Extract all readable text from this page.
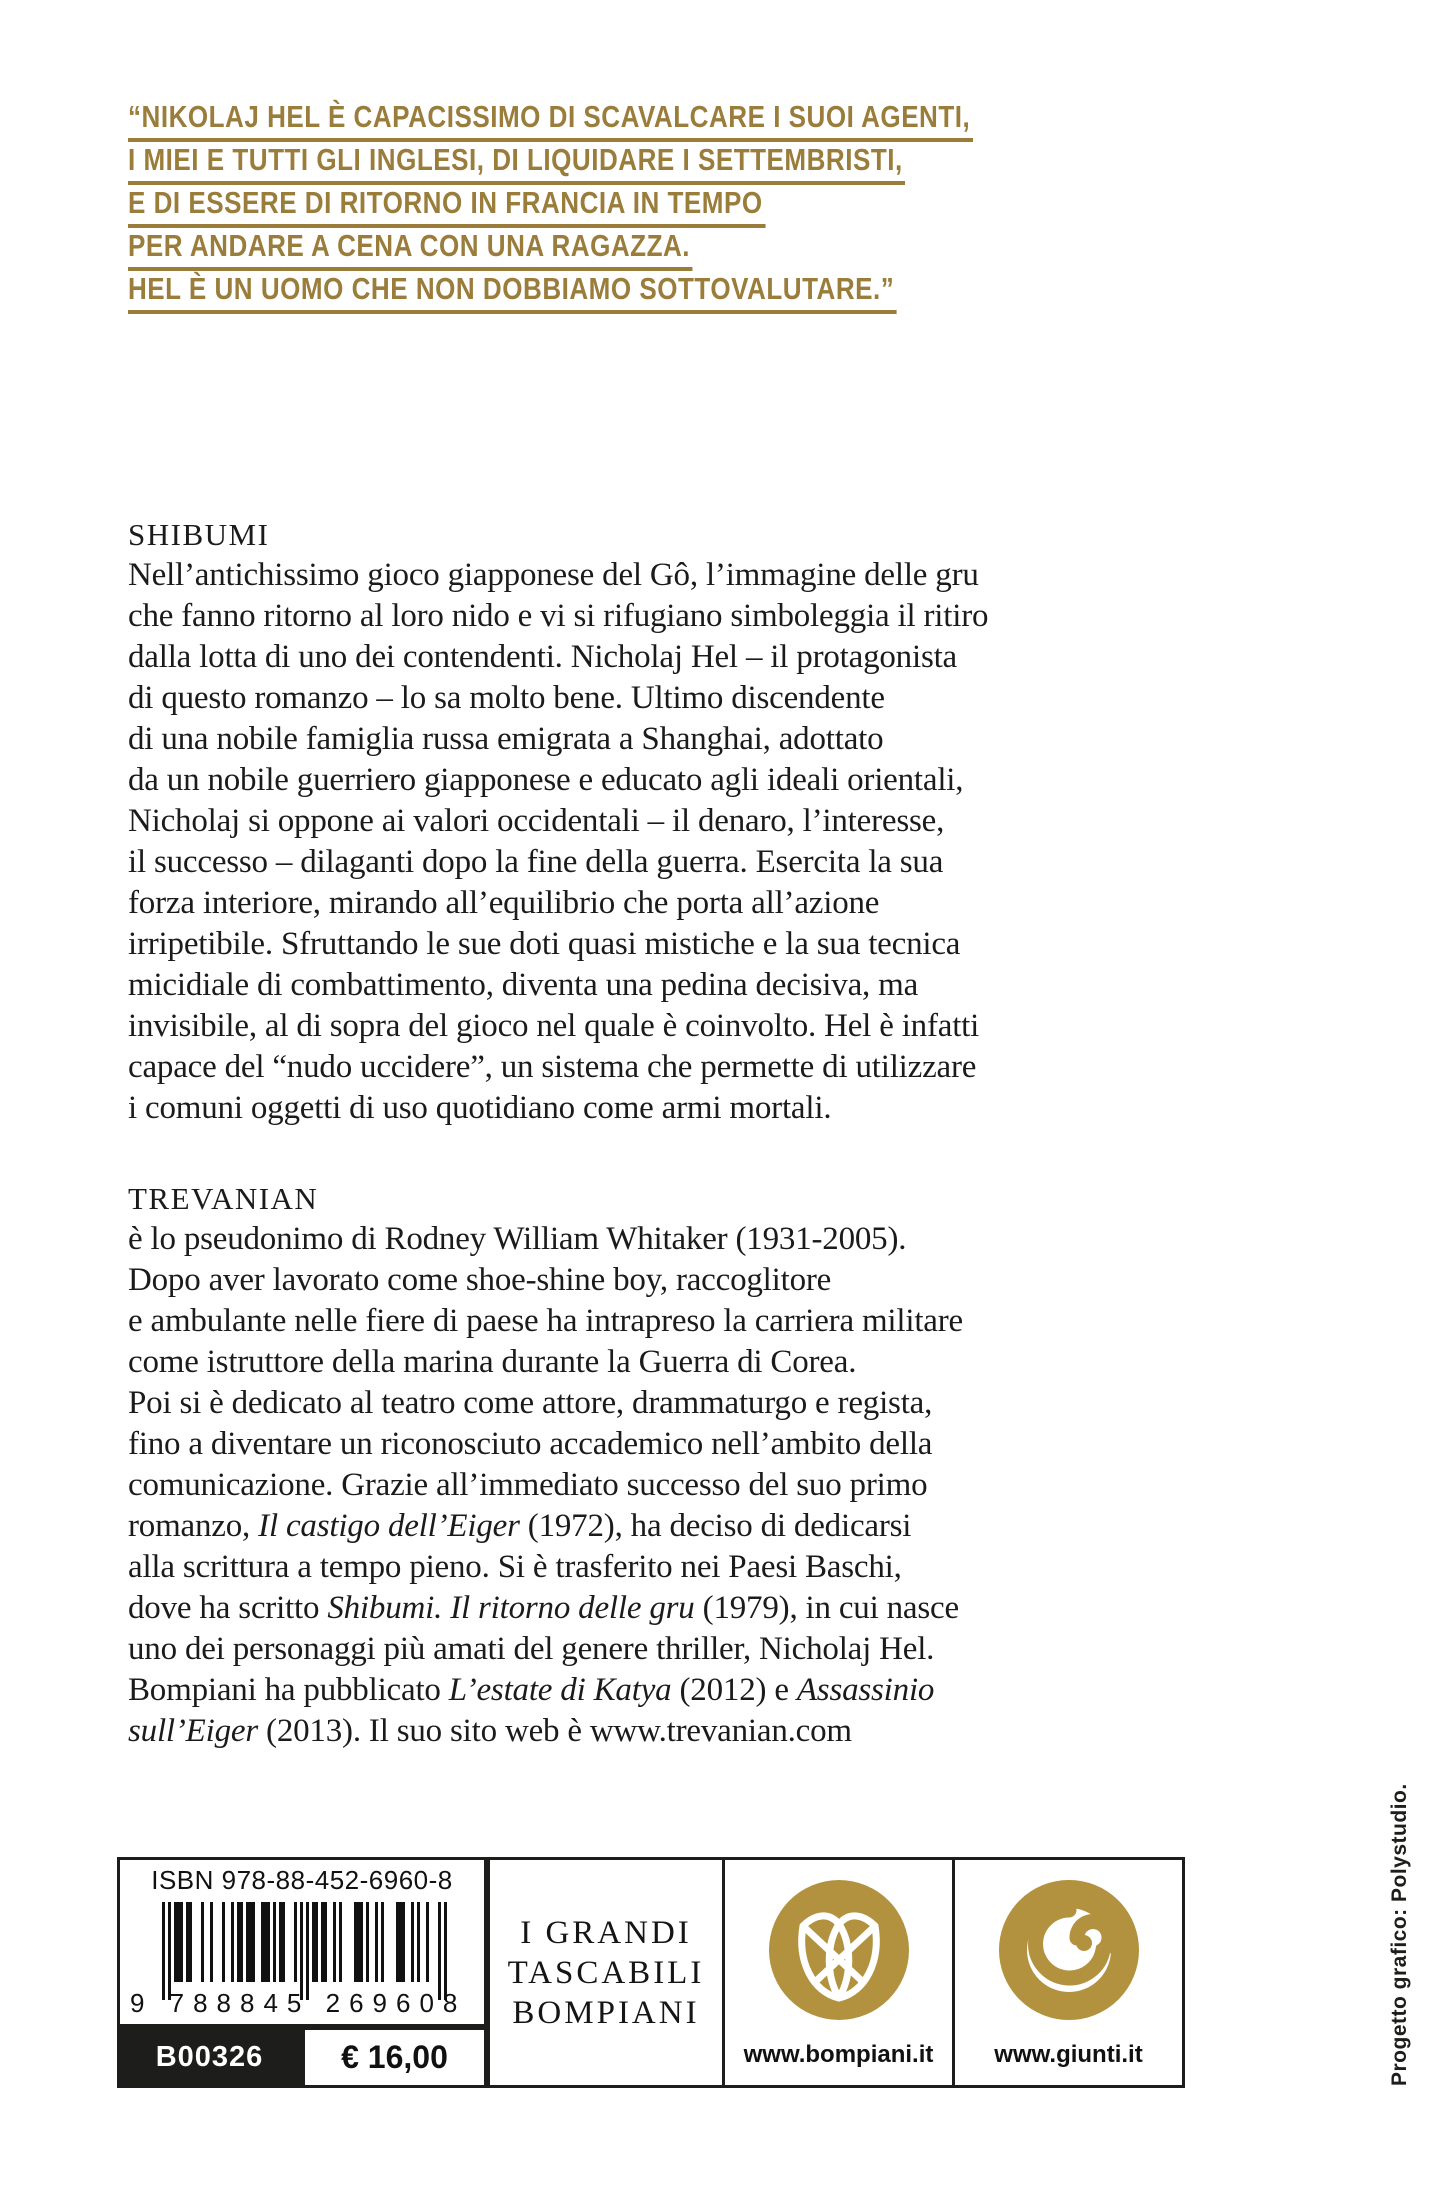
“NIKOLAJ HEL È CAPACISSIMO DI SCAVALCARE I SUOI AGENTI,
I MIEI E TUTTI GLI INGLESI, DI LIQUIDARE I SETTEMBRISTI,
E DI ESSERE DI RITORNO IN FRANCIA IN TEMPO
PER ANDARE A CENA CON UNA RAGAZZA.
HEL È UN UOMO CHE NON DOBBIAMO SOTTOVALUTARE.”
SHIBUMI
Nell’antichissimo gioco giapponese del Gô, l’immagine delle gru
che fanno ritorno al loro nido e vi si rifugiano simboleggia il ritiro
dalla lotta di uno dei contendenti. Nicholaj Hel – il protagonista
di questo romanzo – lo sa molto bene. Ultimo discendente
di una nobile famiglia russa emigrata a Shanghai, adottato
da un nobile guerriero giapponese e educato agli ideali orientali,
Nicholaj si oppone ai valori occidentali – il denaro, l’interesse,
il successo – dilaganti dopo la fine della guerra. Esercita la sua
forza interiore, mirando all’equilibrio che porta all’azione
irripetibile. Sfruttando le sue doti quasi mistiche e la sua tecnica
micidiale di combattimento, diventa una pedina decisiva, ma
invisibile, al di sopra del gioco nel quale è coinvolto. Hel è infatti
capace del “nudo uccidere”, un sistema che permette di utilizzare
i comuni oggetti di uso quotidiano come armi mortali.
TREVANIAN
è lo pseudonimo di Rodney William Whitaker (1931-2005).
Dopo aver lavorato come shoe-shine boy, raccoglitore
e ambulante nelle fiere di paese ha intrapreso la carriera militare
come istruttore della marina durante la Guerra di Corea.
Poi si è dedicato al teatro come attore, drammaturgo e regista,
fino a diventare un riconosciuto accademico nell’ambito della
comunicazione. Grazie all’immediato successo del suo primo
romanzo, Il castigo dell’Eiger (1972), ha deciso di dedicarsi
alla scrittura a tempo pieno. Si è trasferito nei Paesi Baschi,
dove ha scritto Shibumi. Il ritorno delle gru (1979), in cui nasce
uno dei personaggi più amati del genere thriller, Nicholaj Hel.
Bompiani ha pubblicato L’estate di Katya (2012) e Assassinio
sull’Eiger (2013). Il suo sito web è www.trevanian.com
ISBN 978-88-452-6960-8
9 788845 269608
B00326 € 16,00
I GRANDI
TASCABILI
BOMPIANI
www.bompiani.it	www.giunti.it	Progetto grafico: Polystudio.
